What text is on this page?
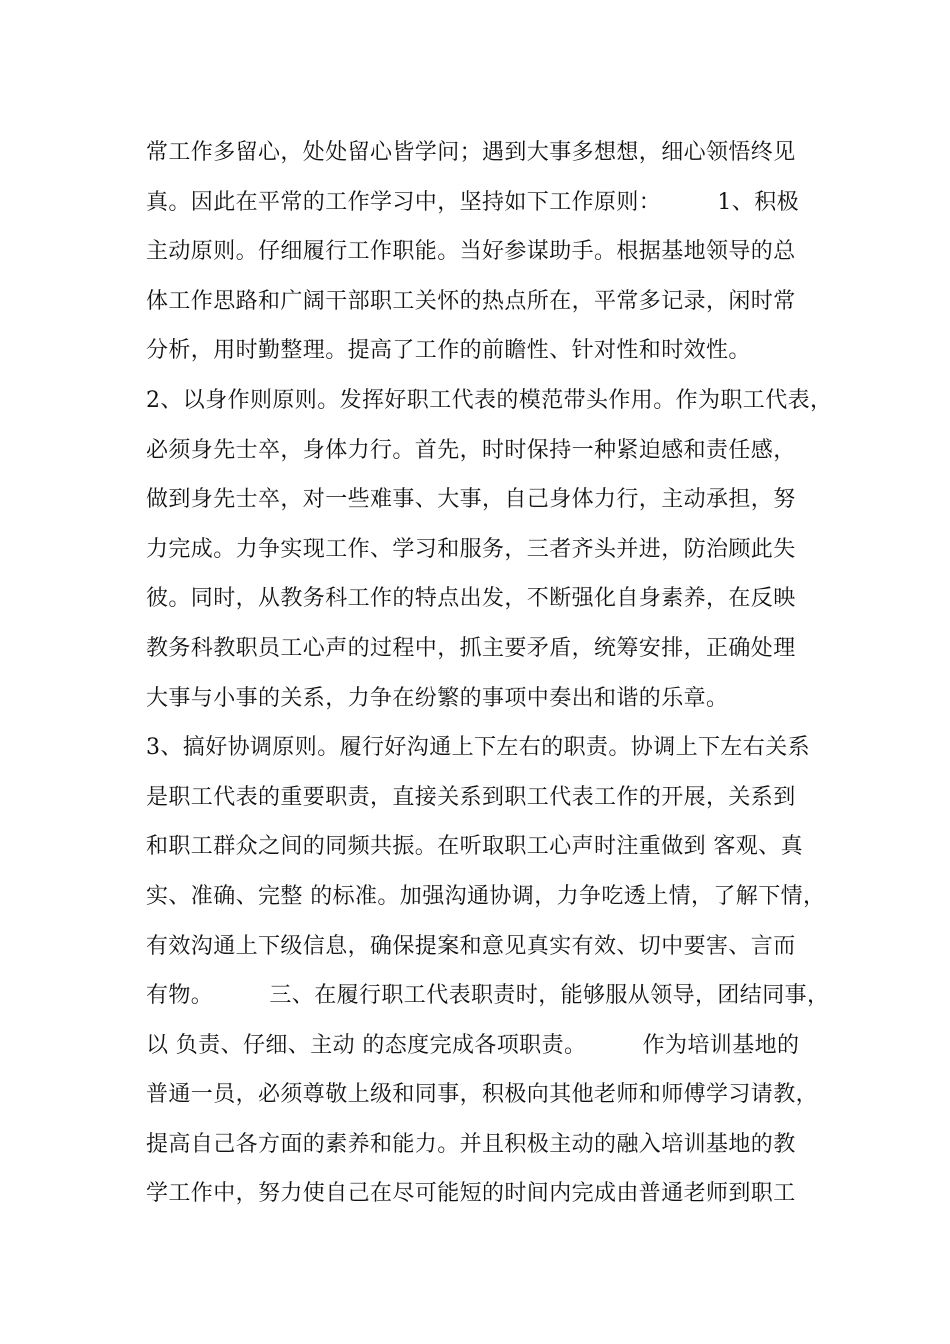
常工作多留心，处处留心皆学问；遇到大事多想想，细心领悟终见
真。因此在平常的工作学习中，坚持如下工作原则：　　　1、积极
主动原则。仔细履行工作职能。当好参谋助手。根据基地领导的总
体工作思路和广阔干部职工关怀的热点所在，平常多记录，闲时常
分析，用时勤整理。提高了工作的前瞻性、针对性和时效性。
2、以身作则原则。发挥好职工代表的模范带头作用。作为职工代表，
必须身先士卒，身体力行。首先，时时保持一种紧迫感和责任感，
做到身先士卒，对一些难事、大事，自己身体力行，主动承担，努
力完成。力争实现工作、学习和服务，三者齐头并进，防治顾此失
彼。同时，从教务科工作的特点出发，不断强化自身素养，在反映
教务科教职员工心声的过程中，抓主要矛盾，统筹安排，正确处理
大事与小事的关系，力争在纷繁的事项中奏出和谐的乐章。
3、搞好协调原则。履行好沟通上下左右的职责。协调上下左右关系
是职工代表的重要职责，直接关系到职工代表工作的开展，关系到
和职工群众之间的同频共振。在听取职工心声时注重做到 客观、真
实、准确、完整 的标准。加强沟通协调，力争吃透上情，了解下情，
有效沟通上下级信息，确保提案和意见真实有效、切中要害、言而
有物。　　　三、在履行职工代表职责时，能够服从领导，团结同事，
以 负责、仔细、主动 的态度完成各项职责。　　　作为培训基地的
普通一员，必须尊敬上级和同事，积极向其他老师和师傅学习请教，
提高自己各方面的素养和能力。并且积极主动的融入培训基地的教
学工作中，努力使自己在尽可能短的时间内完成由普通老师到职工
